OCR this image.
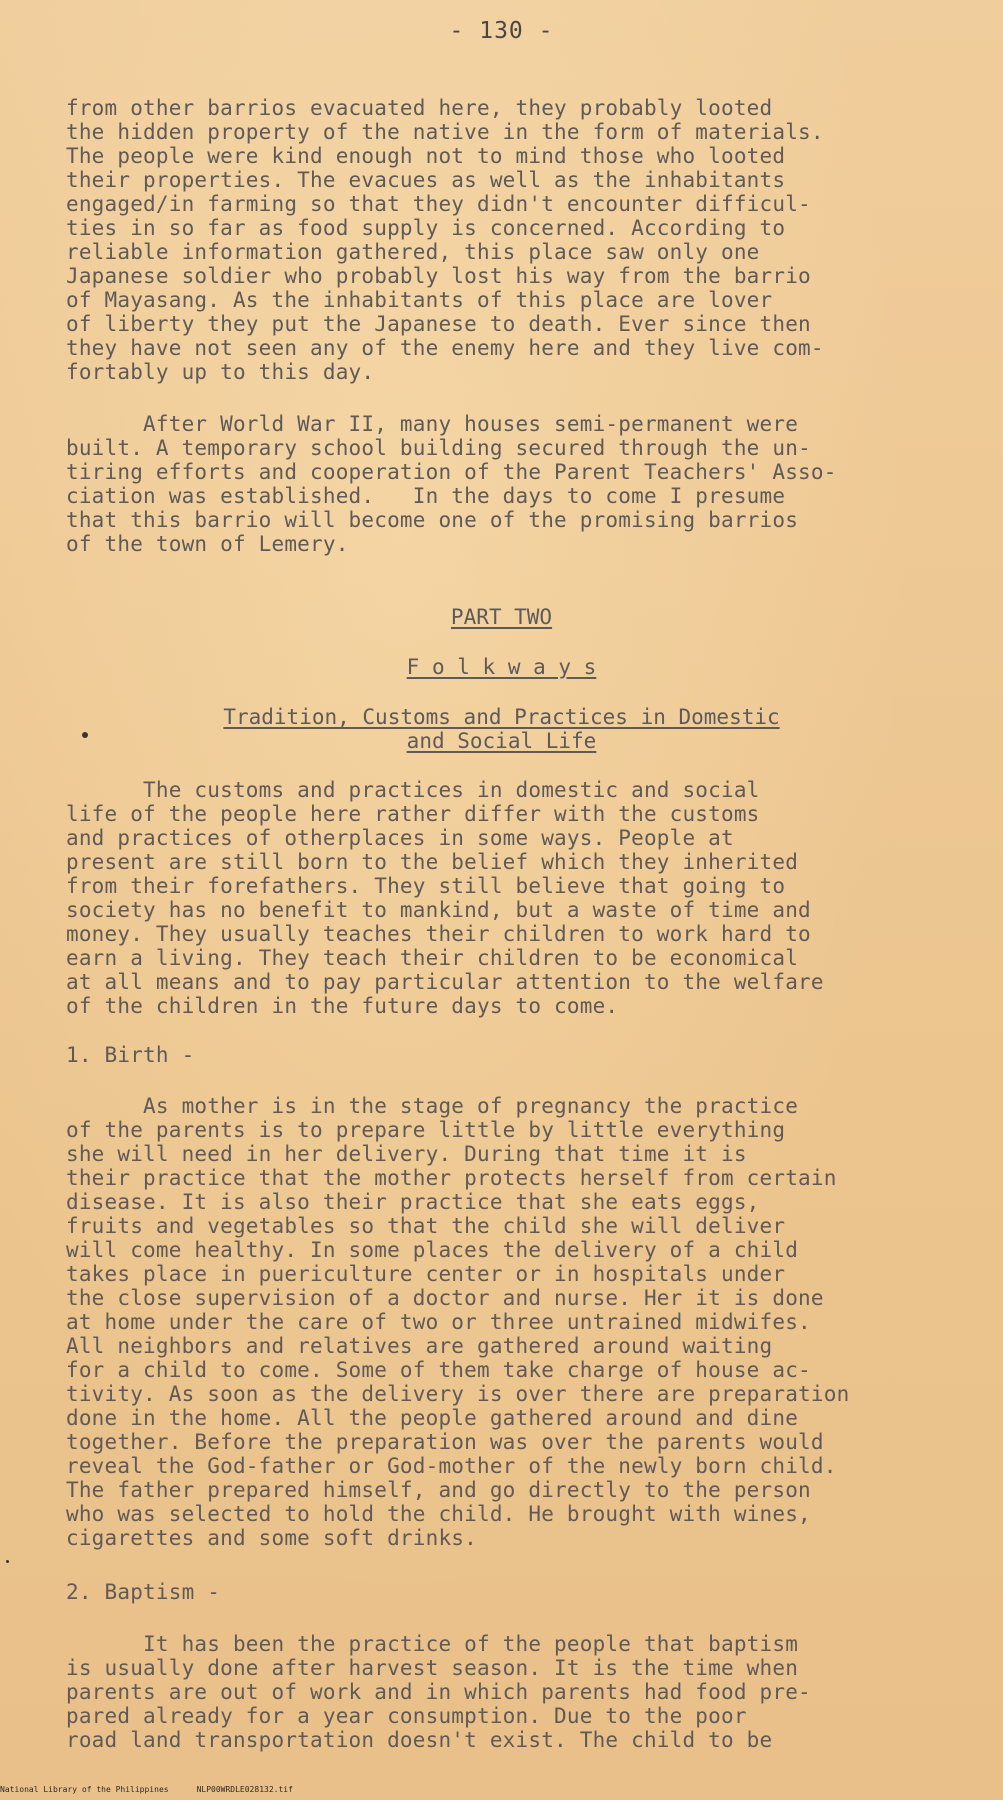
- 130 -
from other barrios evacuated here, they probably looted
the hidden property of the native in the form of materials.
The people were kind enough not to mind those who looted
their properties. The evacues as well as the inhabitants
engaged/in farming so that they didn't encounter difficul-
ties in so far as food supply is concerned. According to
reliable information gathered, this place saw only one
Japanese soldier who probably lost his way from the barrio
of Mayasang. As the inhabitants of this place are lover
of liberty they put the Japanese to death. Ever since then
they have not seen any of the enemy here and they live com-
fortably up to this day.
After World War II, many houses semi-permanent were
built. A temporary school building secured through the un-
tiring efforts and cooperation of the Parent Teachers' Asso-
ciation was established.   In the days to come I presume
that this barrio will become one of the promising barrios
of the town of Lemery.
PART TWO
F o l k w a y s
Tradition, Customs and Practices in Domestic
and Social Life
The customs and practices in domestic and social
life of the people here rather differ with the customs
and practices of otherplaces in some ways. People at
present are still born to the belief which they inherited
from their forefathers. They still believe that going to
society has no benefit to mankind, but a waste of time and
money. They usually teaches their children to work hard to
earn a living. They teach their children to be economical
at all means and to pay particular attention to the welfare
of the children in the future days to come.
1. Birth -
As mother is in the stage of pregnancy the practice
of the parents is to prepare little by little everything
she will need in her delivery. During that time it is
their practice that the mother protects herself from certain
disease. It is also their practice that she eats eggs,
fruits and vegetables so that the child she will deliver
will come healthy. In some places the delivery of a child
takes place in puericulture center or in hospitals under
the close supervision of a doctor and nurse. Her it is done
at home under the care of two or three untrained midwifes.
All neighbors and relatives are gathered around waiting
for a child to come. Some of them take charge of house ac-
tivity. As soon as the delivery is over there are preparation
done in the home. All the people gathered around and dine
together. Before the preparation was over the parents would
reveal the God-father or God-mother of the newly born child.
The father prepared himself, and go directly to the person
who was selected to hold the child. He brought with wines,
cigarettes and some soft drinks.
2. Baptism -
It has been the practice of the people that baptism
is usually done after harvest season. It is the time when
parents are out of work and in which parents had food pre-
pared already for a year consumption. Due to the poor
road land transportation doesn't exist. The child to be
National Library of the Philippines	NLP00WRDLE028132.tif
